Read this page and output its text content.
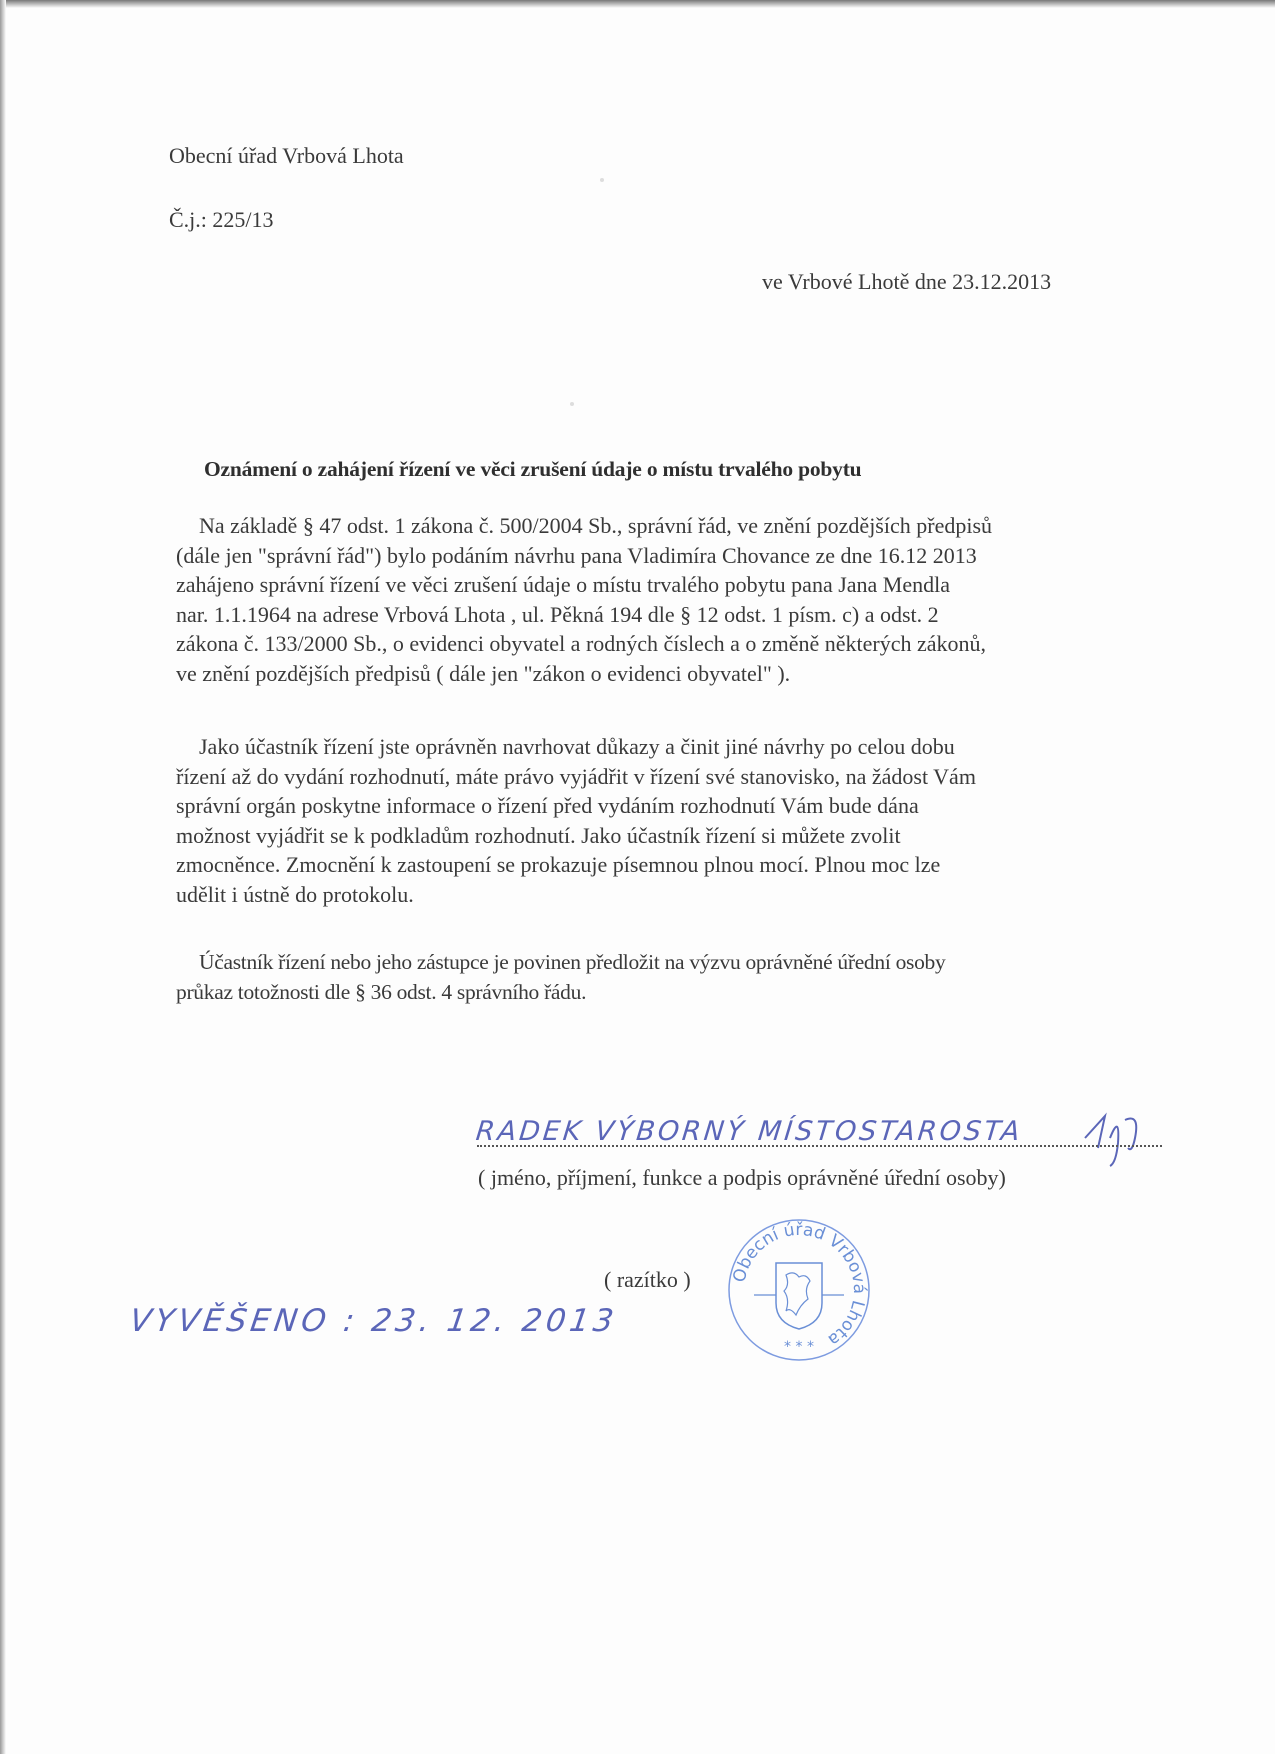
Obecní úřad Vrbová Lhota
Č.j.: 225/13
ve Vrbové Lhotě dne 23.12.2013
Oznámení o zahájení řízení ve věci zrušení údaje o místu trvalého pobytu
Na základě § 47 odst. 1 zákona č. 500/2004 Sb., správní řád, ve znění pozdějších předpisů
(dále jen "správní řád") bylo podáním návrhu pana Vladimíra Chovance ze dne 16.12 2013
zahájeno správní řízení ve věci zrušení údaje o místu trvalého pobytu pana Jana Mendla
nar. 1.1.1964 na adrese Vrbová Lhota , ul. Pěkná 194 dle § 12 odst. 1 písm. c) a odst. 2
zákona č. 133/2000 Sb., o evidenci obyvatel a rodných číslech a o změně některých zákonů,
ve znění pozdějších předpisů ( dále jen "zákon o evidenci obyvatel" ).
Jako účastník řízení jste oprávněn navrhovat důkazy a činit jiné návrhy po celou dobu
řízení až do vydání rozhodnutí, máte právo vyjádřit v řízení své stanovisko, na žádost Vám
správní orgán poskytne informace o řízení před vydáním rozhodnutí Vám bude dána
možnost vyjádřit se k podkladům rozhodnutí. Jako účastník řízení si můžete zvolit
zmocněnce. Zmocnění k zastoupení se prokazuje písemnou plnou mocí. Plnou moc lze
udělit i ústně do protokolu.
Účastník řízení nebo jeho zástupce je povinen předložit na výzvu oprávněné úřední osoby
průkaz totožnosti dle § 36 odst. 4 správního řádu.
RADEK VÝBORNÝ MÍSTOSTAROSTA
( jméno, příjmení, funkce a podpis oprávněné úřední osoby)
( razítko ) Obecní úřad Vrbová Lhota
* * *
VYVĚŠENO : 23. 12. 2013
